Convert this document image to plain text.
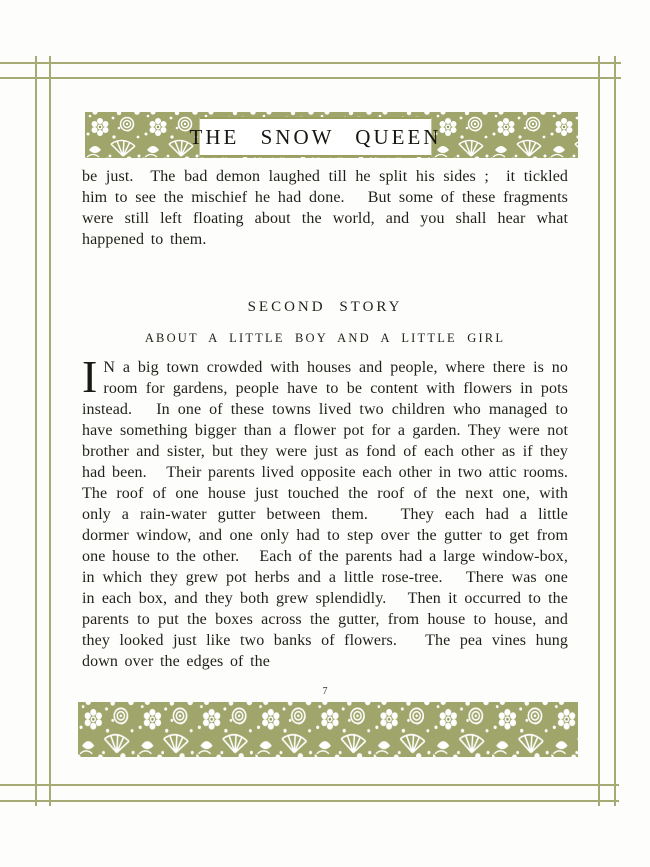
THE SNOW QUEEN

be just.  The bad demon laughed till he split his sides ;  it tickled him to see the mischief he had done.   But some of these fragments were still left floating about the world, and you shall hear what happened to them.

SECOND STORY
ABOUT A LITTLE BOY AND A LITTLE GIRL

I N a big town crowded with houses and people, where there is no room for gardens, people have to be content with flowers in pots instead.   In one of these towns lived two children who managed to have something bigger than a flower pot for a garden. They were not brother and sister, but they were just as fond of each other as if they had been.   Their parents lived opposite each other in two attic rooms.   The roof of one house just touched the roof of the next one, with only a rain-water gutter between them.   They each had a little dormer window, and one only had to step over the gutter to get from one house to the other.   Each of the parents had a large window-box, in which they grew pot herbs and a little rose-tree.   There was one in each box, and they both grew splendidly.   Then it occurred to the parents to put the boxes across the gutter, from house to house, and they looked just like two banks of flowers.   The pea vines hung down over the edges of the

7
